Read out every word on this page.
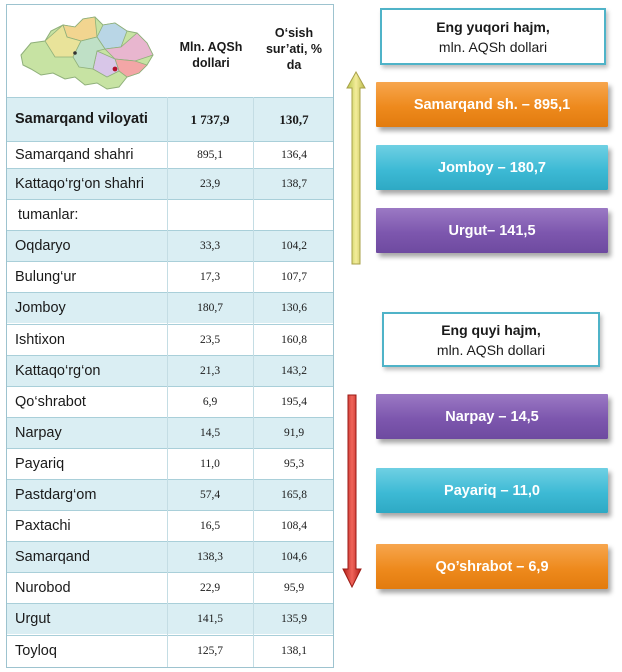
Mln. AQSh dollari
O‘sish sur’ati, % da
Samarqand viloyati	1 737,9	130,7
Samarqand shahri	895,1	136,4
Kattaqo‘rg‘on shahri	23,9	138,7
tumanlar:
Oqdaryo	33,3	104,2
Bulung‘ur	17,3	107,7
Jomboy	180,7	130,6
Ishtixon	23,5	160,8
Kattaqo‘rg‘on	21,3	143,2
Qo‘shrabot	6,9	195,4
Narpay	14,5	91,9
Payariq	11,0	95,3
Pastdarg‘om	57,4	165,8
Paxtachi	16,5	108,4
Samarqand	138,3	104,6
Nurobod	22,9	95,9
Urgut	141,5	135,9
Toyloq	125,7	138,1
Eng yuqori hajm,
mln. AQSh dollari
Samarqand sh. – 895,1
Jomboy – 180,7
Urgut– 141,5
Eng quyi hajm,
mln. AQSh dollari
Narpay – 14,5
Payariq – 11,0
Qo’shrabot – 6,9
